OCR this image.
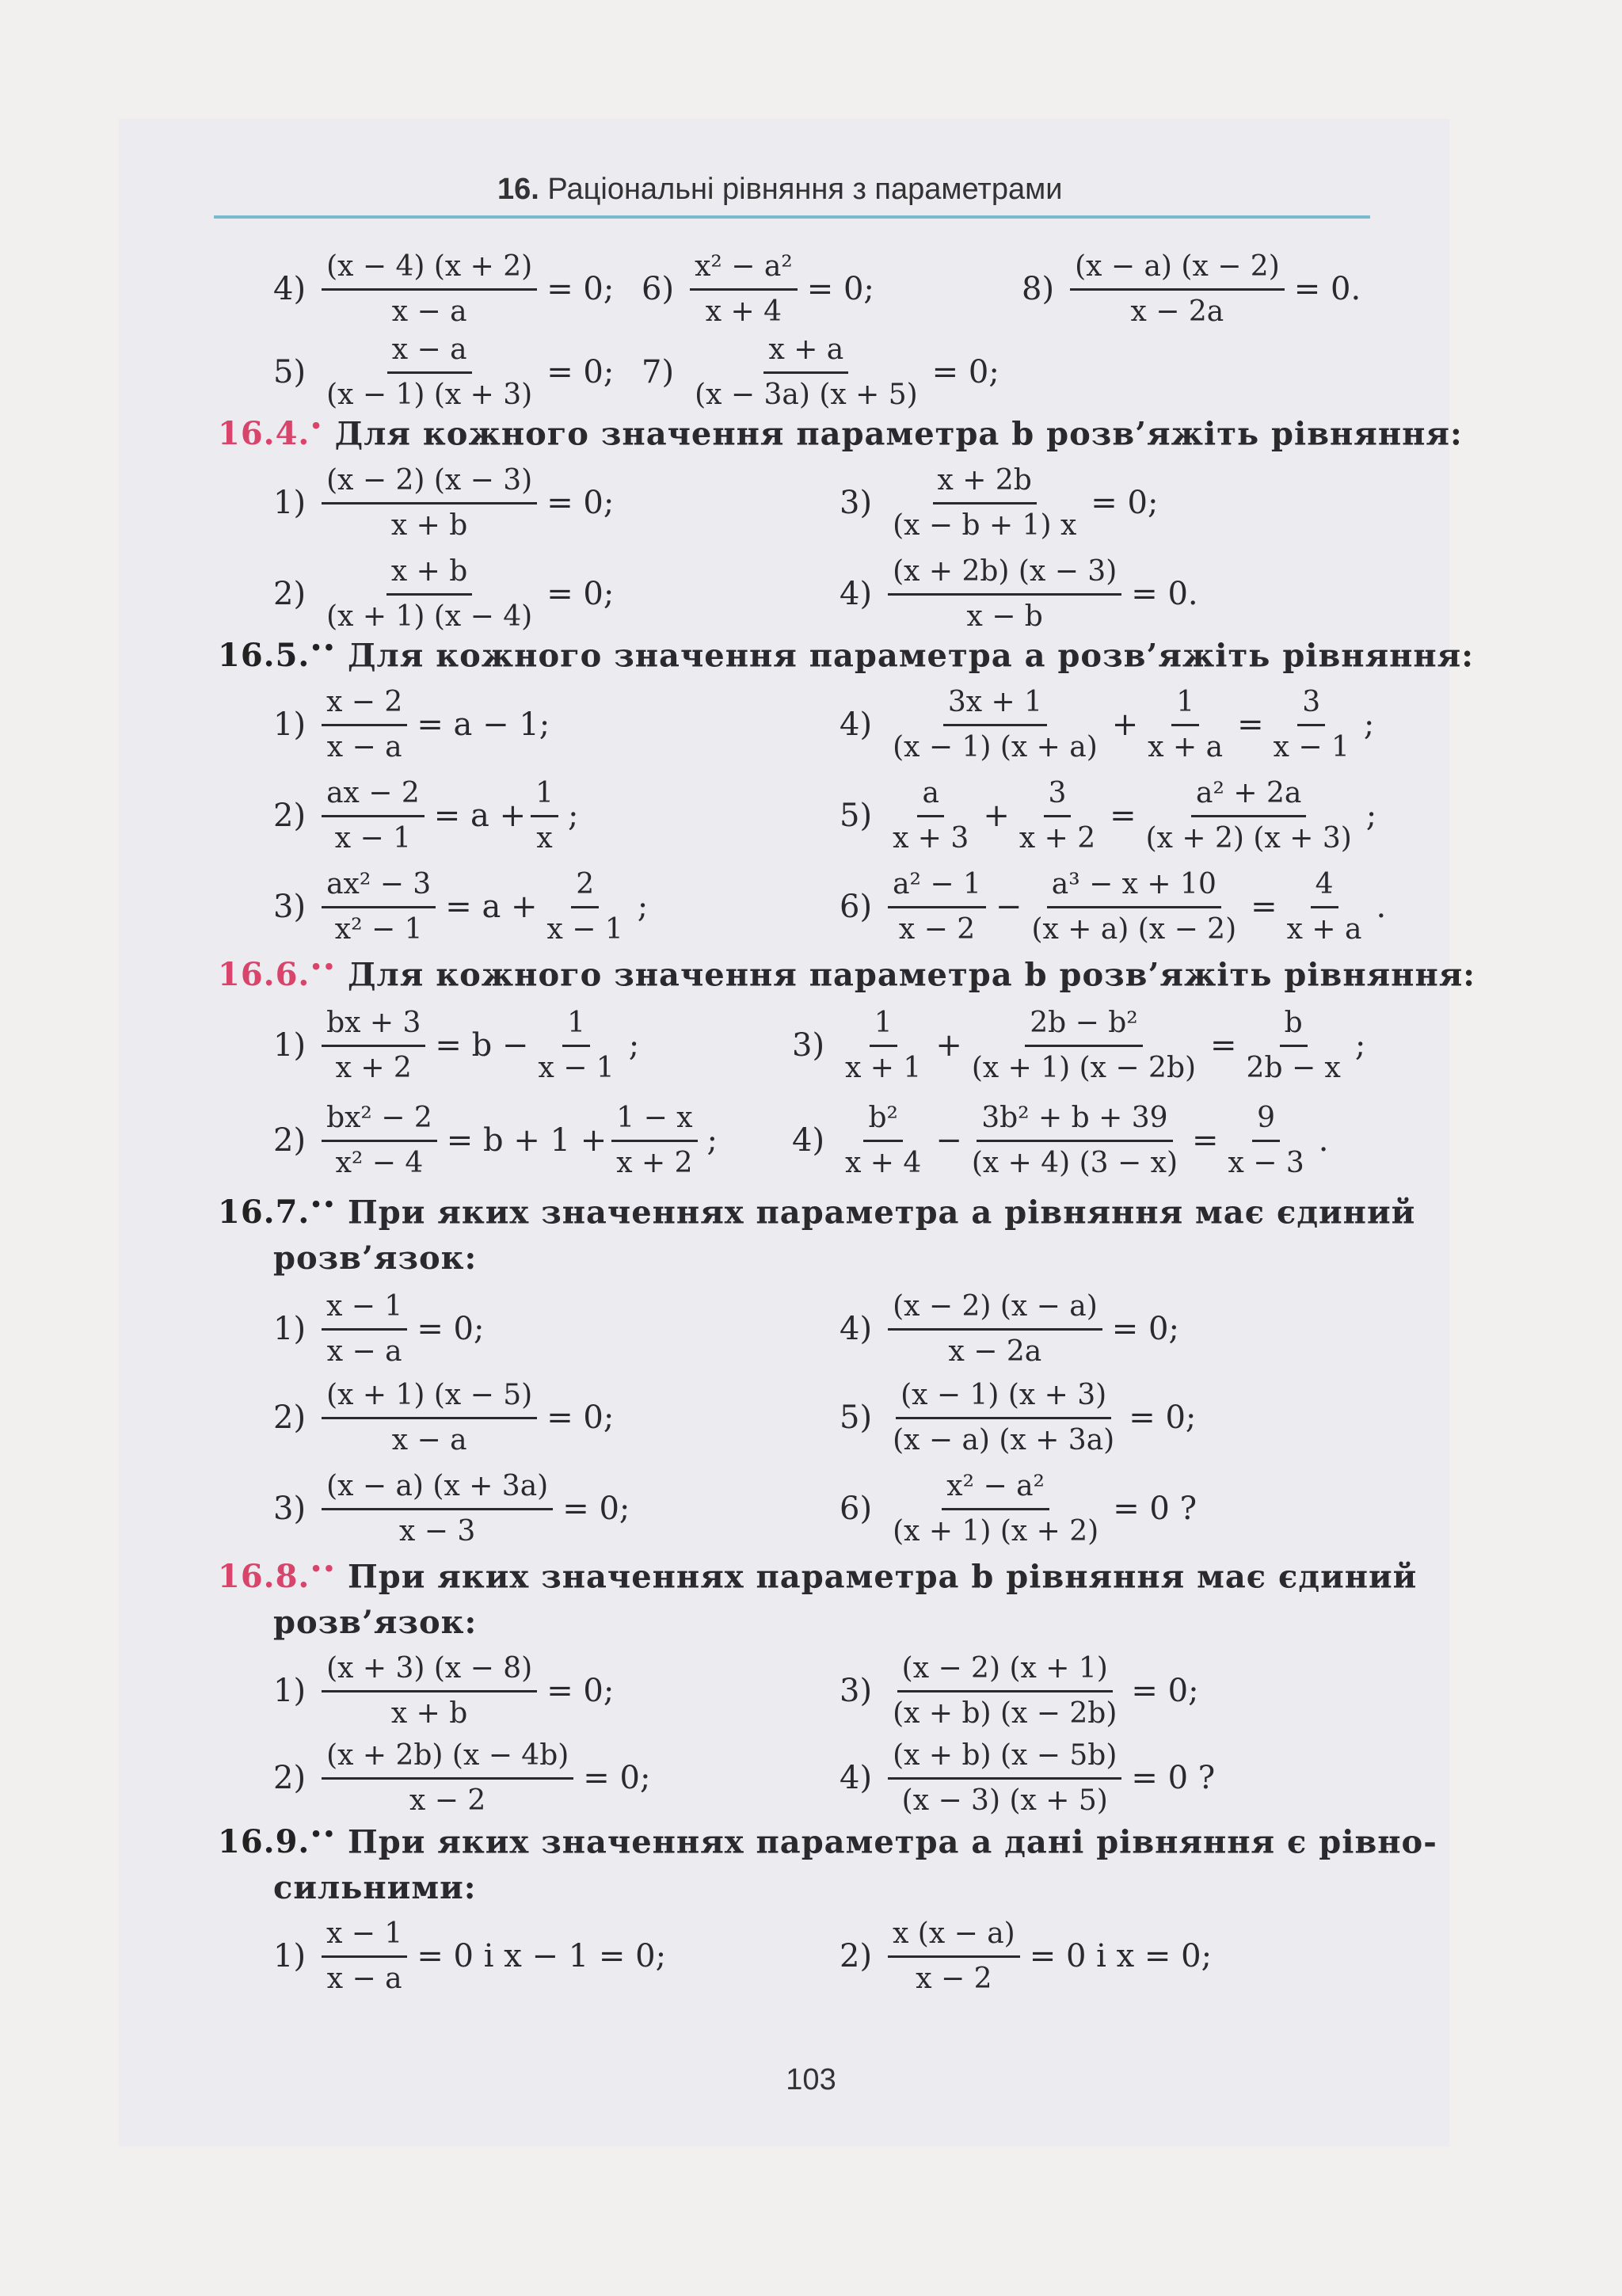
16. Раціональні рівняння з параметрами
$4) \frac{(x - 4) (x + 2)}{x - a} = 0$; $6) \frac{\text{x² − a²}}{x + 4} = 0$;	$8) \frac{(x - a) (x - 2)}{x - 2a} = 0$.
$5) \frac{x - a}{(x - 1) (x + 3)} = 0$; $7) \frac{x + a}{(x - 3a) (x + 5)} = 0$;
16.4.• Для кожного значення параметра b розв’яжіть рівняння:
$1) \frac{(x - 2) (x - 3)}{x + b} = 0$;	$3) \frac{x + 2b}{(x - b + 1) x} = 0$;
$2) \frac{x + b}{(x + 1) (x - 4)} = 0$;	$4) \frac{(x + 2b) (x - 3)}{x - b} = 0$.
16.5.•• Для кожного значення параметра a розв’яжіть рівняння:
$1) \frac{x - 2}{x - a} = a - 1$;	$4) \frac{3x + 1}{(x - 1) (x + a)} + \frac{1}{x + a} = \frac{3}{x - 1}$ ;
$2) \frac{ax - 2}{x - 1} = a + \frac{1}{x}$ ;	$5) \frac{a}{x + 3} + \frac{3}{x + 2} = \frac{\text{a² + 2a}}{(x + 2) (x + 3)}$ ;
$3) \frac{\text{ax² − 3}}{\text{x² − 1}} = a + \frac{2}{x - 1}$ ;	$6) \frac{\text{a² − 1}}{x - 2} - \frac{\text{a³ − x + 10}}{(x + a) (x - 2)} = \frac{4}{x + a}$ .
16.6.•• Для кожного значення параметра b розв’яжіть рівняння:
$1) \frac{bx + 3}{x + 2} = b - \frac{1}{x - 1}$ ;	$3) \frac{1}{x + 1} + \frac{\text{2b − b²}}{(x + 1) (x - 2b)} = \frac{b}{2b - x}$ ;
$2) \frac{\text{bx² − 2}}{\text{x² − 4}} = b + 1 + \frac{1 - x}{x + 2}$ ; $4) \frac{\text{b²}}{x + 4} - \frac{\text{3b² + b + 39}}{(x + 4) (3 - x)} = \frac{9}{x - 3}$ .
16.7.•• При яких значеннях параметра a рівняння має єдиний
розв’язок:
$1) \frac{x - 1}{x - a} = 0$;	$4) \frac{(x - 2) (x - a)}{x - 2a} = 0$;
$2) \frac{(x + 1) (x - 5)}{x - a} = 0$;	$5) \frac{(x - 1) (x + 3)}{(x - a) (x + 3a)} = 0$;
$3) \frac{(x - a) (x + 3a)}{x - 3} = 0$;	$6) \frac{\text{x² − a²}}{(x + 1) (x + 2)} = 0$ ?
16.8.•• При яких значеннях параметра b рівняння має єдиний
розв’язок:
$1) \frac{(x + 3) (x - 8)}{x + b} = 0$;	$3) \frac{(x - 2) (x + 1)}{(x + b) (x - 2b)} = 0$;
$2) \frac{(x + 2b) (x - 4b)}{x - 2} = 0$;	$4) \frac{(x + b) (x - 5b)}{(x - 3) (x + 5)} = 0$ ?
16.9.•• При яких значеннях параметра a дані рівняння є рівно-
сильними:
$1) \frac{x - 1}{x - a} = 0$ і x − 1 = 0;	$2) \frac{x (x - a)}{x - 2} = 0$ і x = 0;
103
